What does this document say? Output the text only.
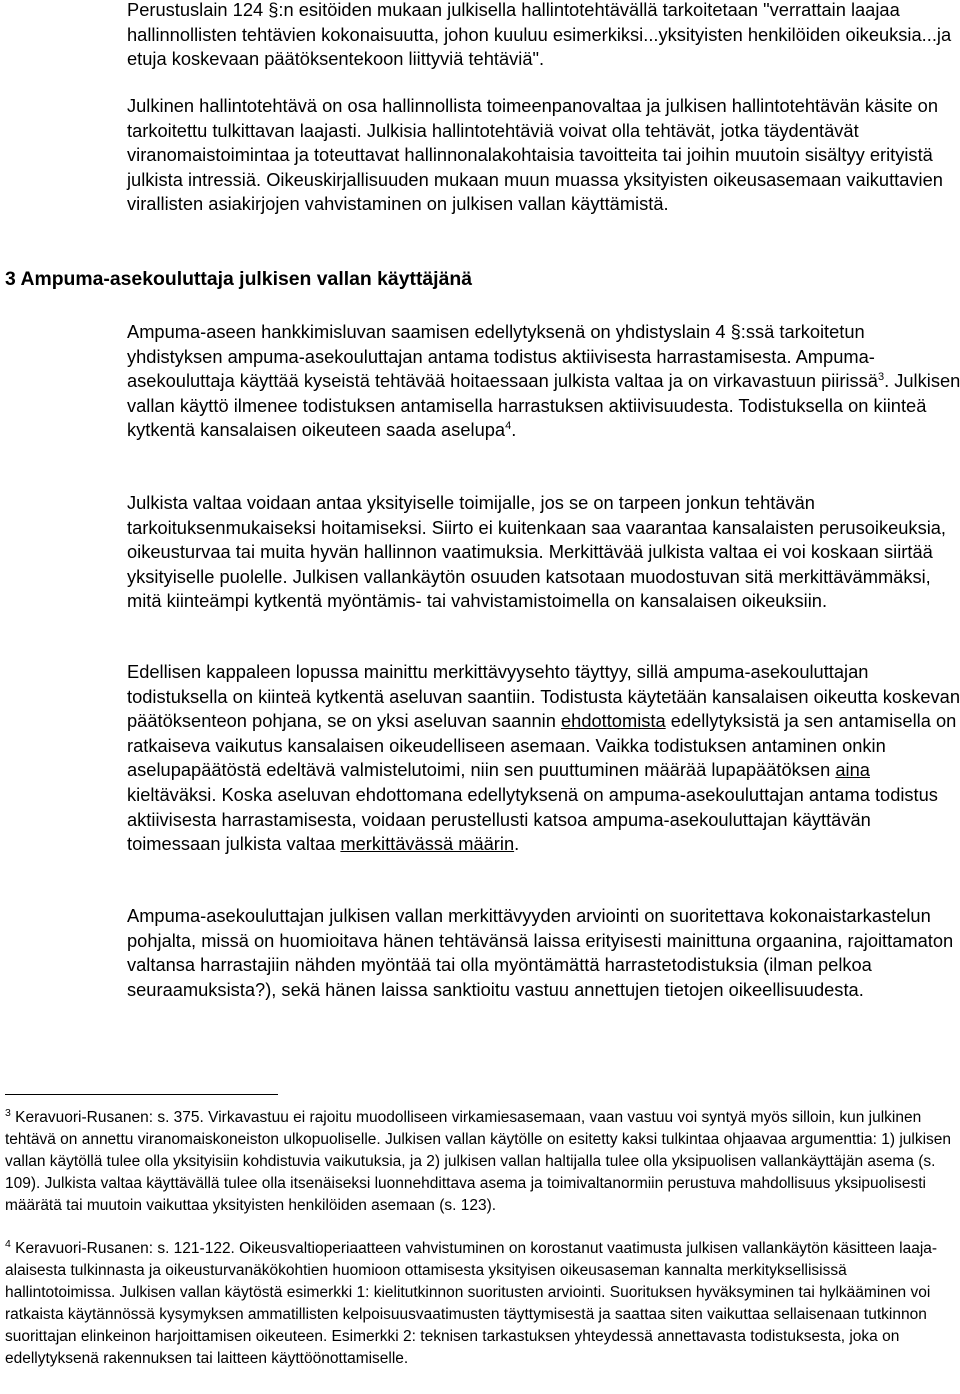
Perustuslain 124 §:n esitöiden mukaan julkisella hallintotehtävällä tarkoitetaan "verrattain laajaa hallinnollisten tehtävien kokonaisuutta, johon kuuluu esimerkiksi...yksityisten henkilöiden oikeuksia...ja etuja koskevaan päätöksentekoon liittyviä tehtäviä".

Julkinen hallintotehtävä on osa hallinnollista toimeenpanovaltaa ja julkisen hallintotehtävän käsite on tarkoitettu tulkittavan laajasti. Julkisia hallintotehtäviä voivat olla tehtävät, jotka täydentävät viranomaistoimintaa ja toteuttavat hallinnonalakohtaisia tavoitteita tai joihin muutoin sisältyy erityistä julkista intressiä. Oikeuskirjallisuuden mukaan muun muassa yksityisten oikeusasemaan vaikuttavien virallisten asiakirjojen vahvistaminen on julkisen vallan käyttämistä.

3 Ampuma-asekouluttaja julkisen vallan käyttäjänä

Ampuma-aseen hankkimisluvan saamisen edellytyksenä on yhdistyslain 4 §:ssä tarkoitetun yhdistyksen ampuma-asekouluttajan antama todistus aktiivisesta harrastamisesta. Ampuma-asekouluttaja käyttää kyseistä tehtävää hoitaessaan julkista valtaa ja on virkavastuun piirissä$^3$. Julkisen vallan käyttö ilmenee todistuksen antamisella harrastuksen aktiivisuudesta. Todistuksella on kiinteä kytkentä kansalaisen oikeuteen saada aselupa$^4$.

Julkista valtaa voidaan antaa yksityiselle toimijalle, jos se on tarpeen jonkun tehtävän tarkoituksenmukaiseksi hoitamiseksi. Siirto ei kuitenkaan saa vaarantaa kansalaisten perusoikeuksia, oikeusturvaa tai muita hyvän hallinnon vaatimuksia. Merkittävää julkista valtaa ei voi koskaan siirtää yksityiselle puolelle. Julkisen vallankäytön osuuden katsotaan muodostuvan sitä merkittävämmäksi, mitä kiinteämpi kytkentä myöntämis- tai vahvistamistoimella on kansalaisen oikeuksiin.

Edellisen kappaleen lopussa mainittu merkittävyysehto täyttyy, sillä ampuma-asekouluttajan todistuksella on kiinteä kytkentä aseluvan saantiin. Todistusta käytetään kansalaisen oikeutta koskevan päätöksenteon pohjana, se on yksi aseluvan saannin ehdottomista edellytyksistä ja sen antamisella on ratkaiseva vaikutus kansalaisen oikeudelliseen asemaan. Vaikka todistuksen antaminen onkin aselupapäätöstä edeltävä valmistelutoimi, niin sen puuttuminen määrää lupapäätöksen aina kieltäväksi. Koska aseluvan ehdottomana edellytyksenä on ampuma-asekouluttajan antama todistus aktiivisesta harrastamisesta, voidaan perustellusti katsoa ampuma-asekouluttajan käyttävän toimessaan julkista valtaa merkittävässä määrin.

Ampuma-asekouluttajan julkisen vallan merkittävyyden arviointi on suoritettava kokonaistarkastelun pohjalta, missä on huomioitava hänen tehtävänsä laissa erityisesti mainittuna orgaanina, rajoittamaton valtansa harrastajiin nähden myöntää tai olla myöntämättä harrastetodistuksia (ilman pelkoa seuraamuksista?), sekä hänen laissa sanktioitu vastuu annettujen tietojen oikeellisuudesta.

$^3$ Keravuori-Rusanen: s. 375. Virkavastuu ei rajoitu muodolliseen virkamiesasemaan, vaan vastuu voi syntyä myös silloin, kun julkinen tehtävä on annettu viranomaiskoneiston ulkopuoliselle. Julkisen vallan käytölle on esitetty kaksi tulkintaa ohjaavaa argumenttia: 1) julkisen vallan käytöllä tulee olla yksityisiin kohdistuvia vaikutuksia, ja 2) julkisen vallan haltijalla tulee olla yksipuolisen vallankäyttäjän asema (s. 109). Julkista valtaa käyttävällä tulee olla itsenäiseksi luonnehdittava asema ja toimivaltanormiin perustuva mahdollisuus yksipuolisesti määrätä tai muutoin vaikuttaa yksityisten henkilöiden asemaan (s. 123).

$^4$ Keravuori-Rusanen: s. 121-122. Oikeusvaltioperiaatteen vahvistuminen on korostanut vaatimusta julkisen vallankäytön käsitteen laaja-alaisesta tulkinnasta ja oikeusturvanäkökohtien huomioon ottamisesta yksityisen oikeusaseman kannalta merkityksellisissä hallintotoimissa. Julkisen vallan käytöstä esimerkki 1: kielitutkinnon suoritusten arviointi. Suorituksen hyväksyminen tai hylkääminen voi ratkaista käytännössä kysymyksen ammatillisten kelpoisuusvaatimusten täyttymisestä ja saattaa siten vaikuttaa sellaisenaan tutkinnon suorittajan elinkeinon harjoittamisen oikeuteen. Esimerkki 2: teknisen tarkastuksen yhteydessä annettavasta todistuksesta, joka on edellytyksenä rakennuksen tai laitteen käyttöönottamiselle.
